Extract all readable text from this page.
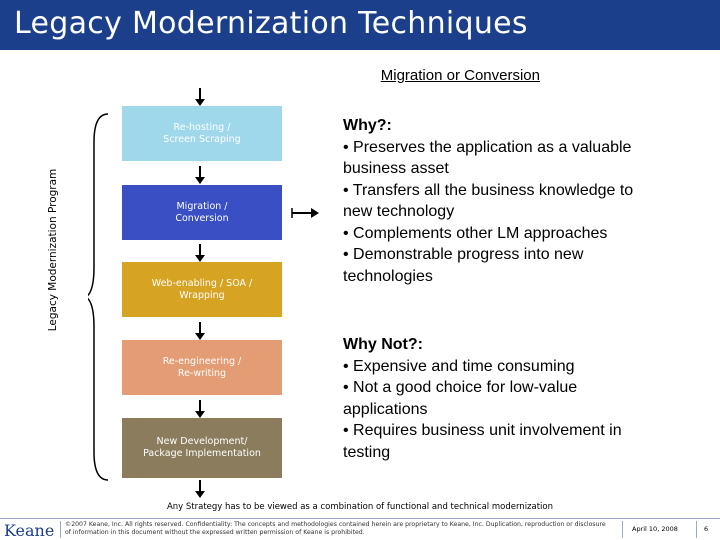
Legacy Modernization Techniques
Migration or Conversion
Legacy Modernization Program
Re-hosting /
Screen Scraping
Migration /
Conversion
Web-enabling / SOA /
Wrapping
Re-engineering /
Re-writing
New Development/
Package Implementation
Why?:
• Preserves the application as a valuable business asset
• Transfers all the business knowledge to new technology
• Complements other LM approaches
• Demonstrable progress into new technologies
Why Not?:
• Expensive and time consuming
• Not a good choice for low-value applications
• Requires business unit involvement in testing
Any Strategy has to be viewed as a combination of functional and technical modernization
Keane ©2007 Keane, Inc. All rights reserved. Confidentiality: The concepts and methodologies contained herein are proprietary to Keane, Inc. Duplication, reproduction or disclosure of information in this document without the expressed written permission of Keane is prohibited.	April 10, 2008	6
